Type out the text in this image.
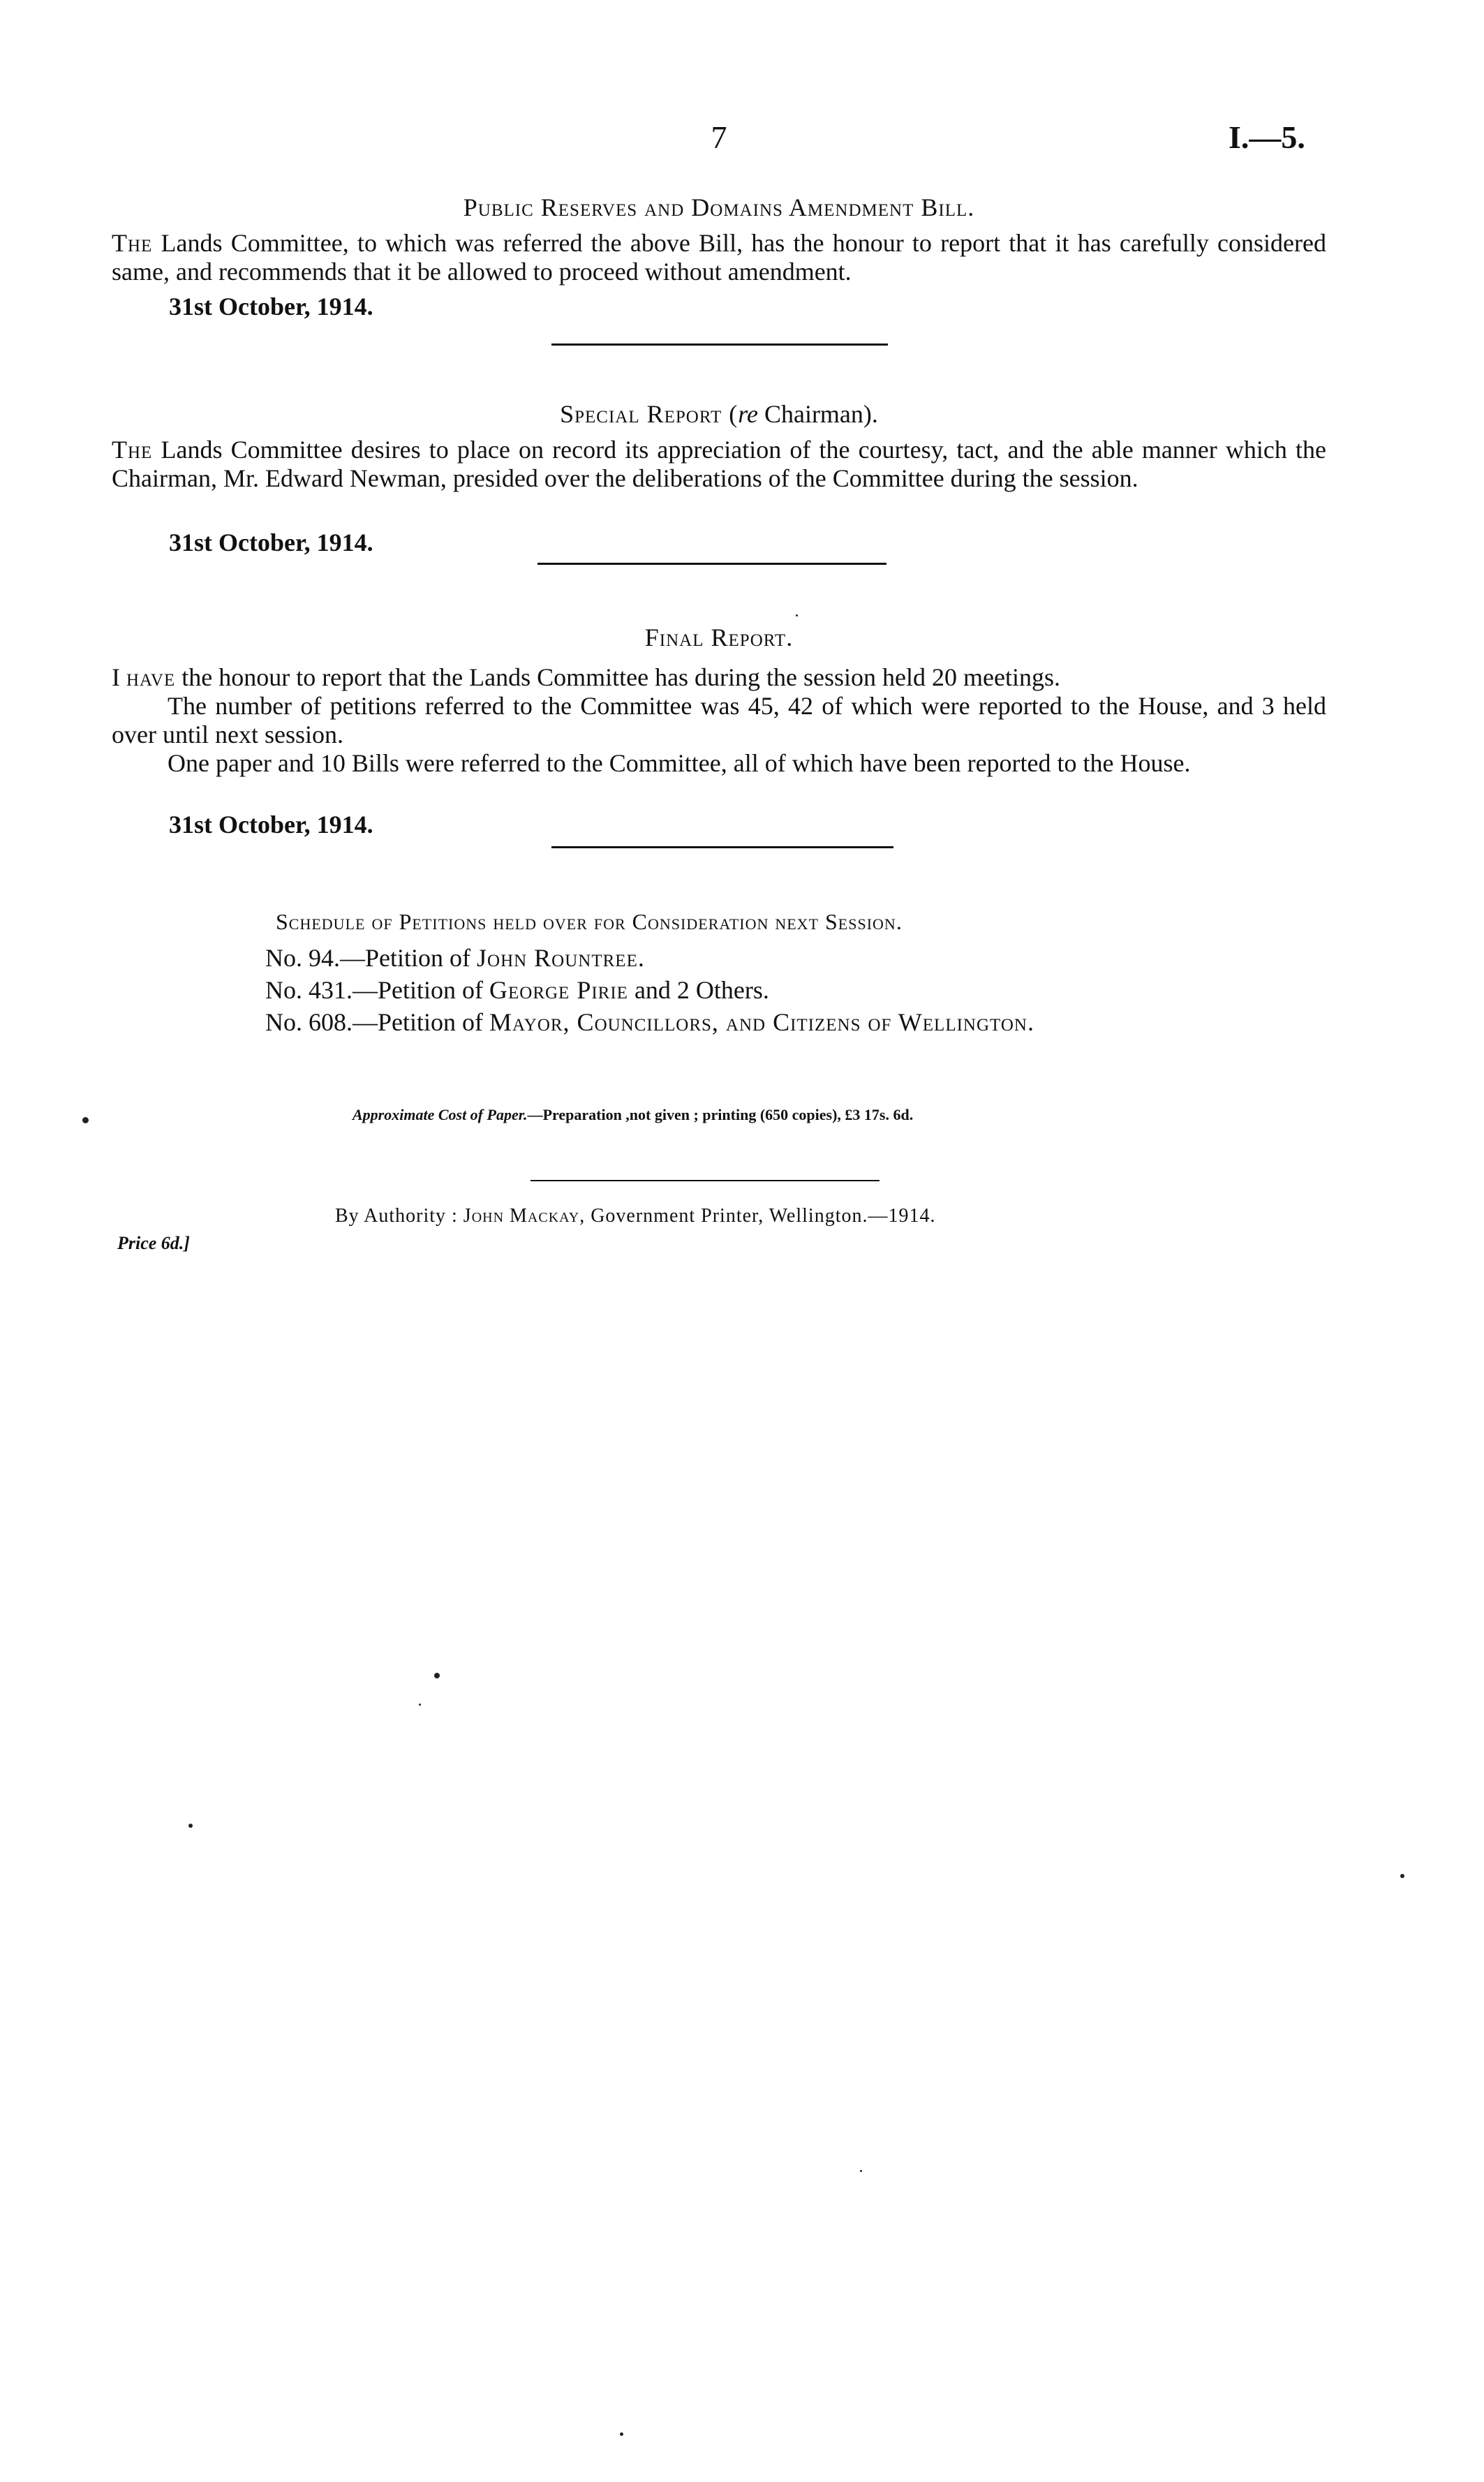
7	I.—5.
Public Reserves and Domains Amendment Bill.
The Lands Committee, to which was referred the above Bill, has the honour to report that it has carefully considered same, and recommends that it be allowed to proceed without amendment.
31st October, 1914.
Special Report (re Chairman).
The Lands Committee desires to place on record its appreciation of the courtesy, tact, and the able manner which the Chairman, Mr. Edward Newman, presided over the deliberations of the Committee during the session.
31st October, 1914.
Final Report.
I have the honour to report that the Lands Committee has during the session held 20 meetings.
The number of petitions referred to the Committee was 45, 42 of which were reported to the House, and 3 held over until next session.
One paper and 10 Bills were referred to the Committee, all of which have been reported to the House.
31st October, 1914.
Schedule of Petitions held over for Consideration next Session.
No. 94.—Petition of John Rountree.
No. 431.—Petition of George Pirie and 2 Others.
No. 608.—Petition of Mayor, Councillors, and Citizens of Wellington.
Approximate Cost of Paper.—Preparation ,not given ; printing (650 copies), £3 17s. 6d.
By Authority : John Mackay, Government Printer, Wellington.—1914.
Price 6d.]
